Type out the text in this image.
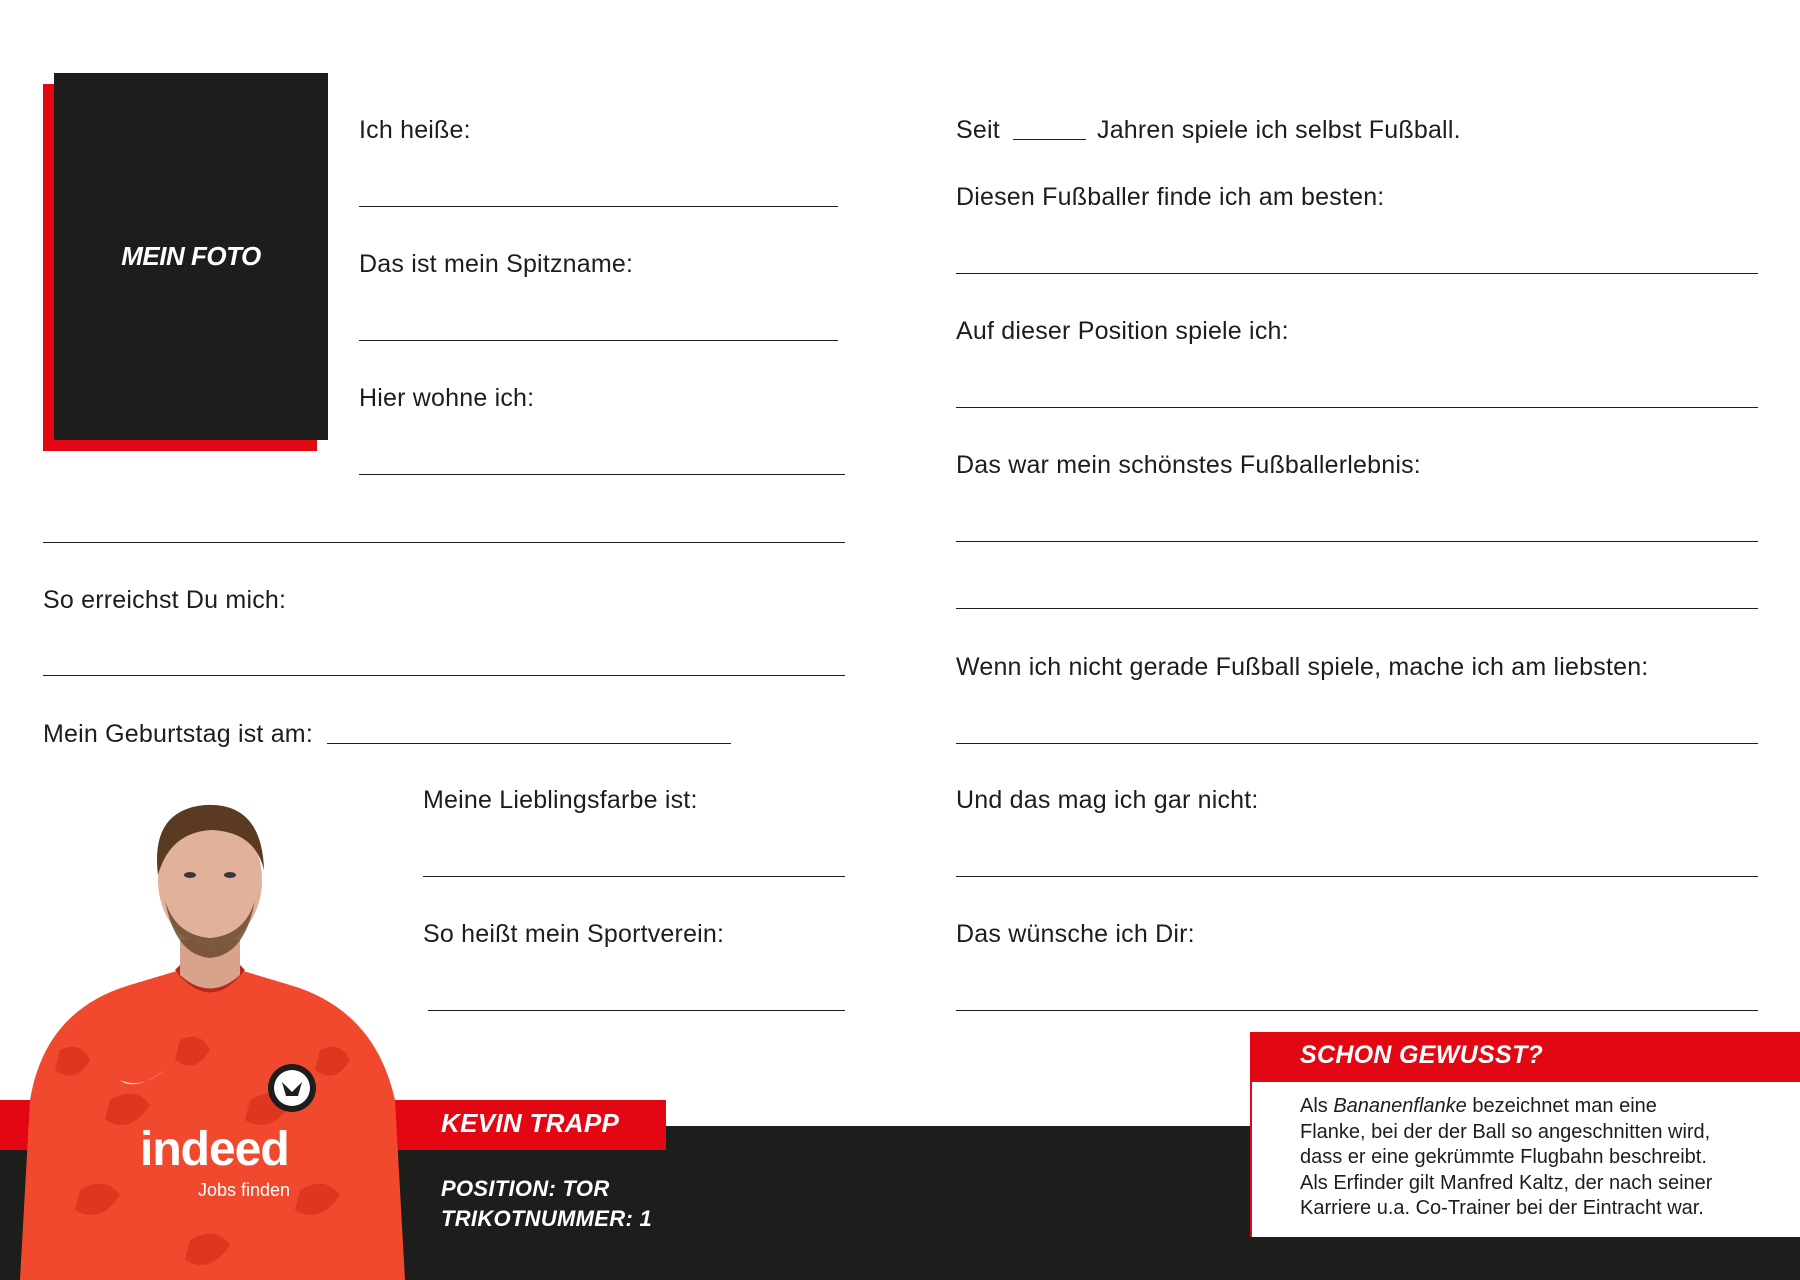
MEIN FOTO
Ich heiße:
Das ist mein Spitzname:
Hier wohne ich:
So erreichst Du mich:
Mein Geburtstag ist am:
Meine Lieblingsfarbe ist:
So heißt mein Sportverein:
Seit	Jahren spiele ich selbst Fußball.
Diesen Fußballer finde ich am besten:
Auf dieser Position spiele ich:
Das war mein schönstes Fußballerlebnis:
Wenn ich nicht gerade Fußball spiele, mache ich am liebsten:
Und das mag ich gar nicht:
Das wünsche ich Dir:
indeed
Jobs finden
KEVIN TRAPP
POSITION: TOR
TRIKOTNUMMER: 1
SCHON GEWUSST?

Als Bananenflanke bezeichnet man eine

Flanke, bei der der Ball so angeschnitten wird,

dass er eine gekrümmte Flugbahn beschreibt.

Als Erfinder gilt Manfred Kaltz, der nach seiner

Karriere u.a. Co-Trainer bei der Eintracht war.
